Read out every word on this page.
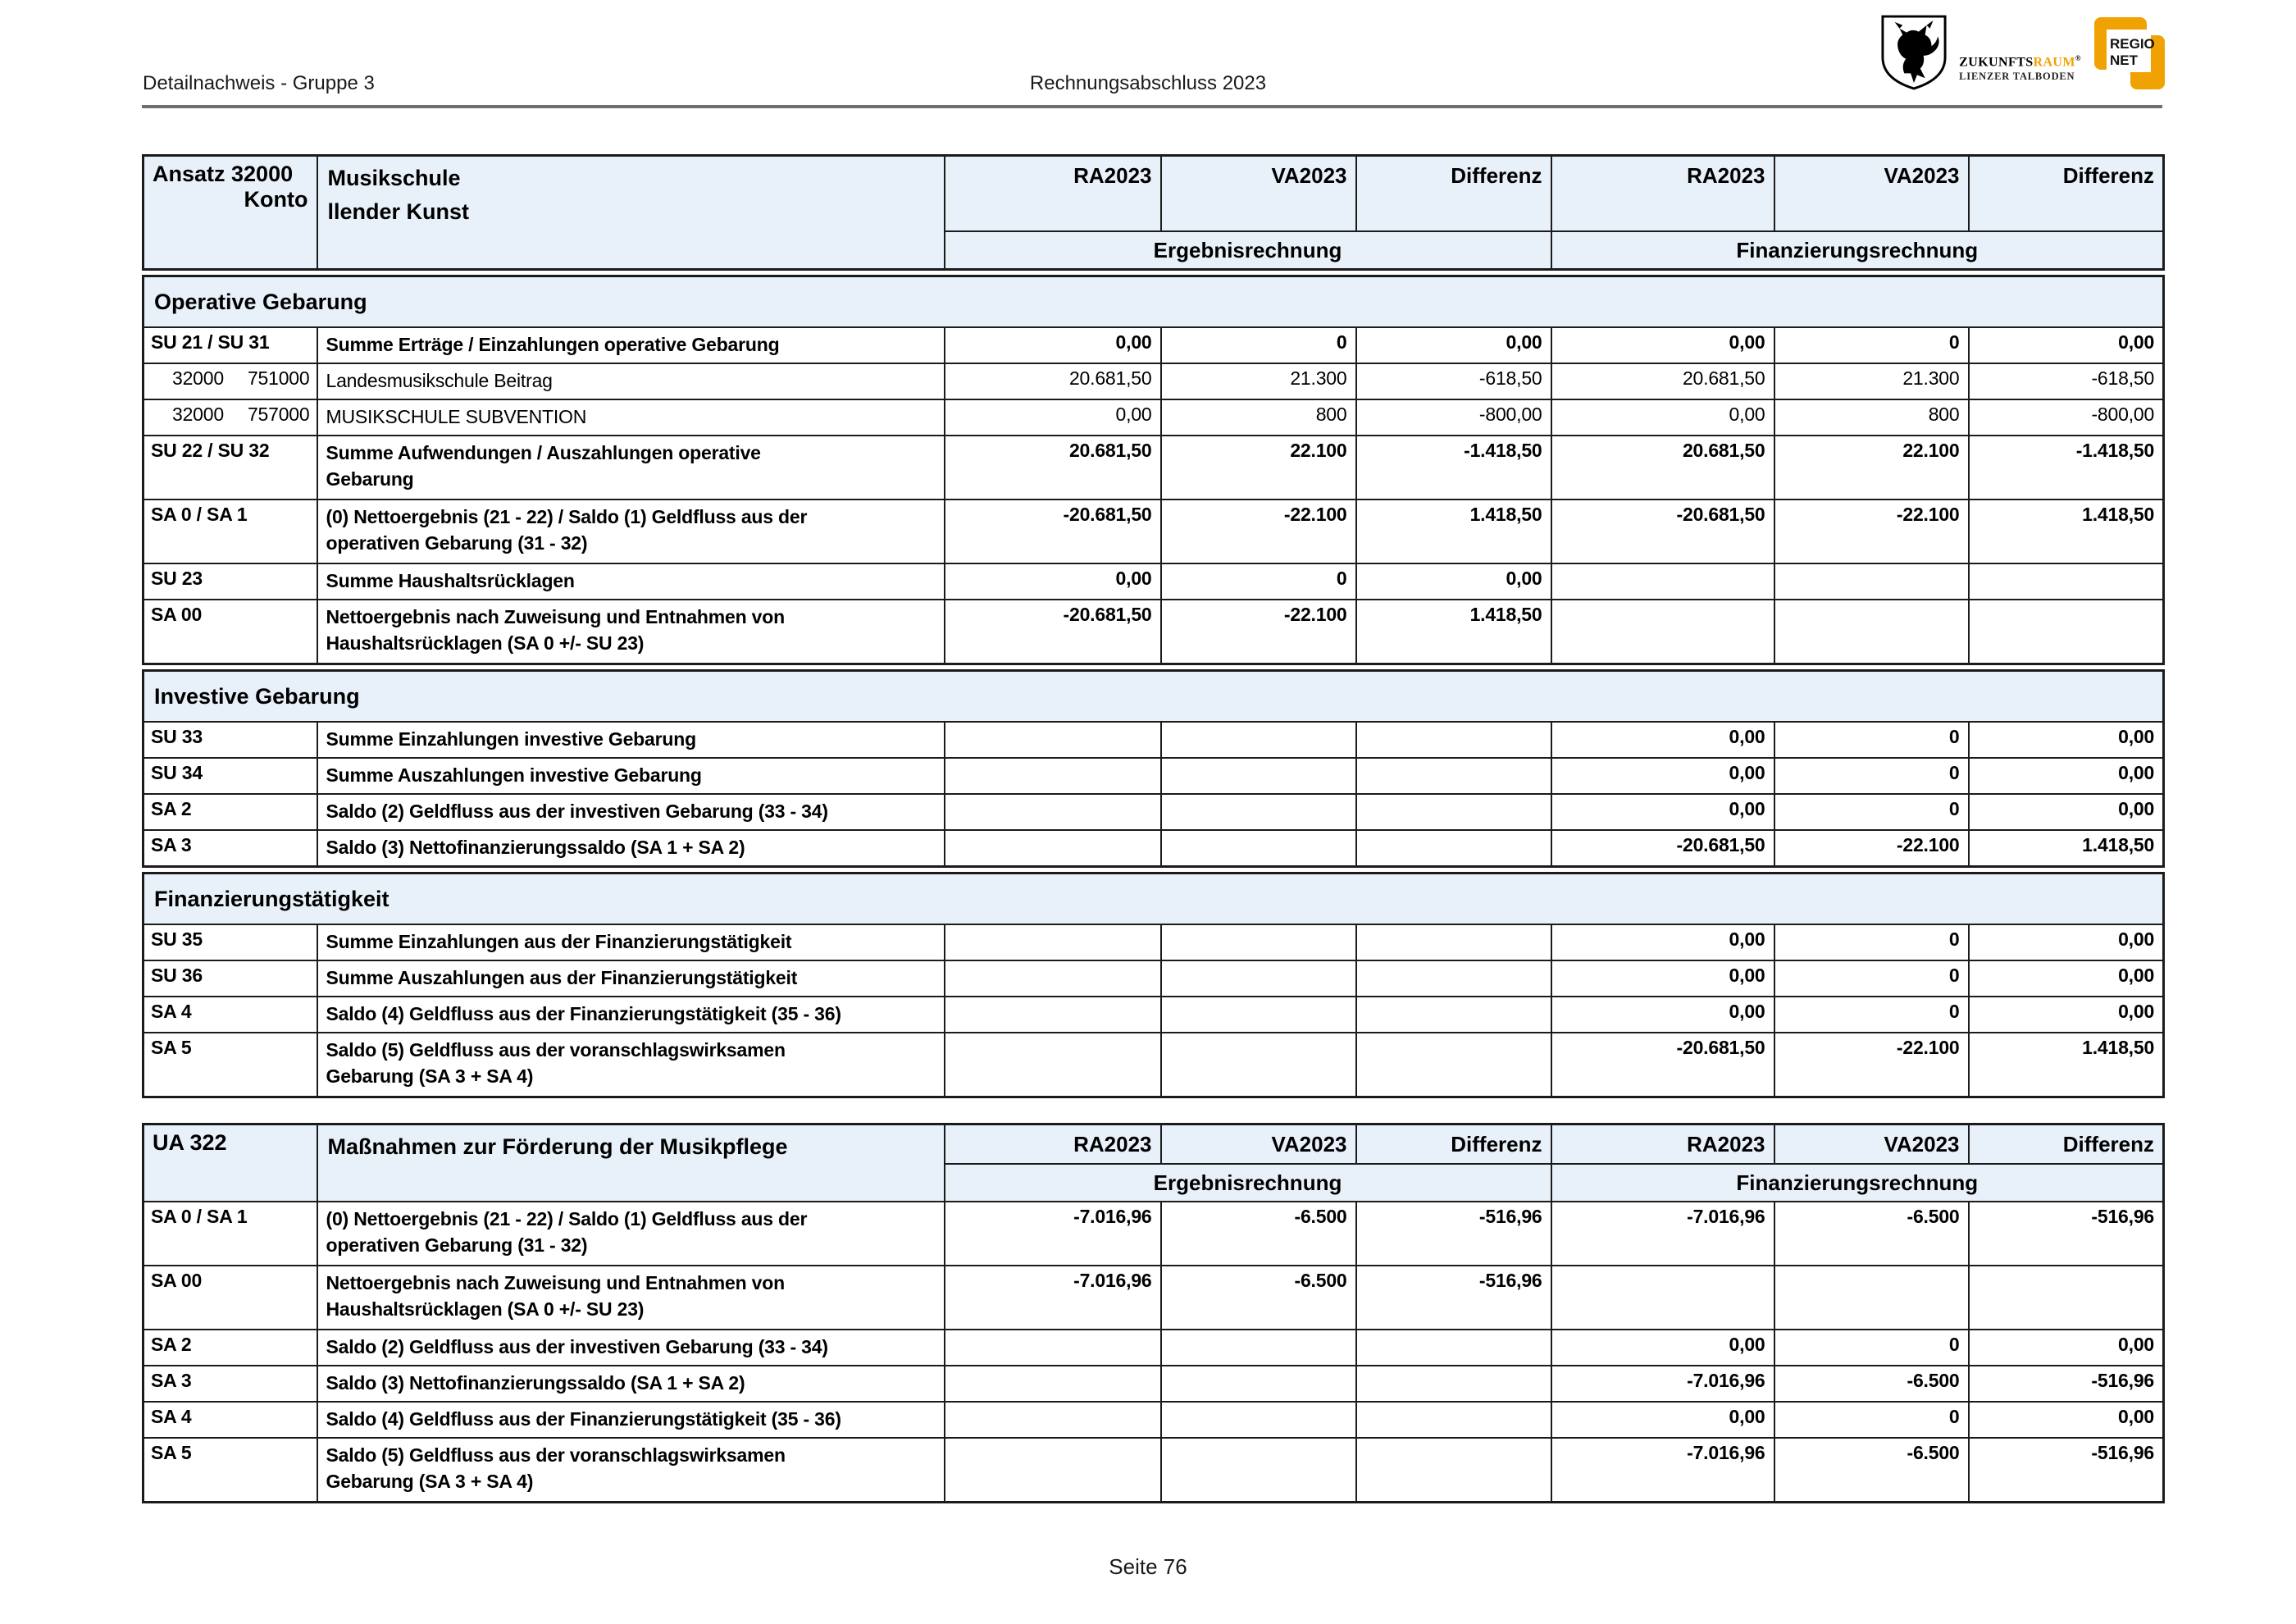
Detailnachweis - Gruppe 3	Rechnungsabschluss 2023
ZUKUNFTSRAUM®
LIENZER TALBODEN
REGIO
NET
Ansatz 32000
Konto	Musikschule
llender Kunst	RA2023	VA2023	Differenz	RA2023	VA2023	Differenz
		Ergebnisrechnung			Finanzierungsrechnung		
Operative Gebarung							
SU 21 / SU 31	Summe Erträge / Einzahlungen operative Gebarung	0,00	0	0,00	0,00	0	0,00

32000 751000	Landesmusikschule Beitrag	20.681,50	21.300	-618,50	20.681,50	21.300	-618,50

32000 757000	MUSIKSCHULE SUBVENTION	0,00	800	-800,00	0,00	800	-800,00
SU 22 / SU 32	Summe Aufwendungen / Auszahlungen operative
Gebarung	20.681,50	22.100	-1.418,50	20.681,50	22.100	-1.418,50
SA 0 / SA 1	(0) Nettoergebnis (21 - 22) / Saldo (1) Geldfluss aus der
operativen Gebarung (31 - 32)	-20.681,50	-22.100	1.418,50	-20.681,50	-22.100	1.418,50
SU 23	Summe Haushaltsrücklagen	0,00	0	0,00			
SA 00	Nettoergebnis nach Zuweisung und Entnahmen von
Haushaltsrücklagen (SA 0 +/- SU 23)	-20.681,50	-22.100	1.418,50			
Investive Gebarung							
SU 33	Summe Einzahlungen investive Gebarung				0,00	0	0,00
SU 34	Summe Auszahlungen investive Gebarung				0,00	0	0,00
SA 2	Saldo (2) Geldfluss aus der investiven Gebarung (33 - 34)				0,00	0	0,00
SA 3	Saldo (3) Nettofinanzierungssaldo (SA 1 + SA 2)				-20.681,50	-22.100	1.418,50
Finanzierungstätigkeit							
SU 35	Summe Einzahlungen aus der Finanzierungstätigkeit				0,00	0	0,00
SU 36	Summe Auszahlungen aus der Finanzierungstätigkeit				0,00	0	0,00
SA 4	Saldo (4) Geldfluss aus der Finanzierungstätigkeit (35 - 36)				0,00	0	0,00
SA 5	Saldo (5) Geldfluss aus der voranschlagswirksamen
Gebarung (SA 3 + SA 4)				-20.681,50	-22.100	1.418,50
UA 322	Maßnahmen zur Förderung der Musikpflege	RA2023	VA2023	Differenz	RA2023	VA2023	Differenz
		Ergebnisrechnung			Finanzierungsrechnung		
SA 0 / SA 1	(0) Nettoergebnis (21 - 22) / Saldo (1) Geldfluss aus der
operativen Gebarung (31 - 32)	-7.016,96	-6.500	-516,96	-7.016,96	-6.500	-516,96
SA 00	Nettoergebnis nach Zuweisung und Entnahmen von
Haushaltsrücklagen (SA 0 +/- SU 23)	-7.016,96	-6.500	-516,96			
SA 2	Saldo (2) Geldfluss aus der investiven Gebarung (33 - 34)				0,00	0	0,00
SA 3	Saldo (3) Nettofinanzierungssaldo (SA 1 + SA 2)				-7.016,96	-6.500	-516,96
SA 4	Saldo (4) Geldfluss aus der Finanzierungstätigkeit (35 - 36)				0,00	0	0,00
SA 5	Saldo (5) Geldfluss aus der voranschlagswirksamen
Gebarung (SA 3 + SA 4)				-7.016,96	-6.500	-516,96
Seite 76
